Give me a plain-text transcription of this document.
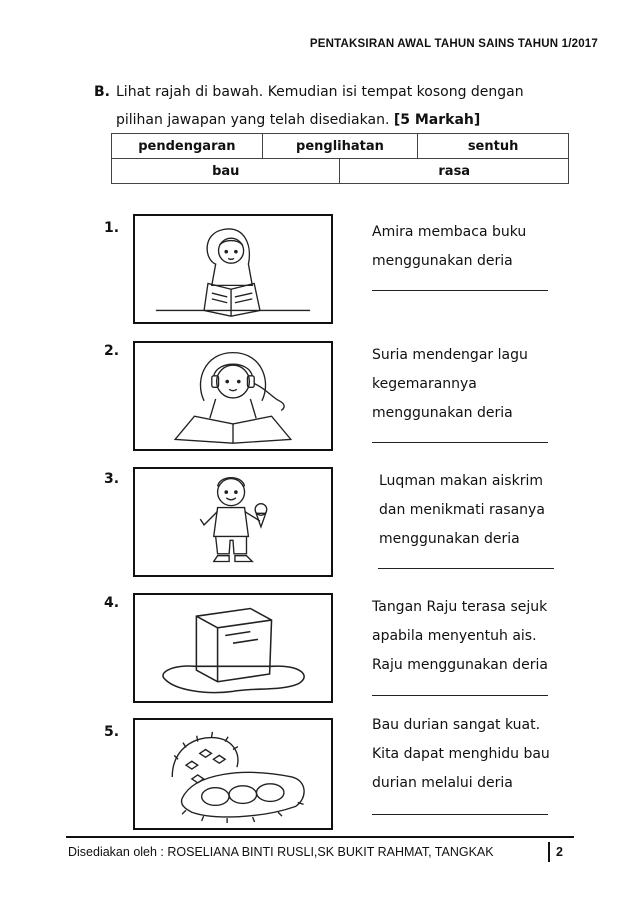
PENTAKSIRAN AWAL TAHUN SAINS TAHUN 1/2017
B. Lihat rajah di bawah. Kemudian isi tempat kosong dengan pilihan jawapan yang telah disediakan. [5 Markah]
pendengaran	penglihatan		sentuh
bau		rasa	
1.	Amira membaca buku
menggunakan deria
2.	Suria mendengar lagu
kegemarannya
menggunakan deria
3.	Luqman makan aiskrim
dan menikmati rasanya
menggunakan deria
4.	Tangan Raju terasa sejuk
apabila menyentuh ais.
Raju menggunakan deria
5.	Bau durian sangat kuat.
Kita dapat menghidu bau
durian melalui deria
Disediakan oleh : ROSELIANA BINTI RUSLI,SK BUKIT RAHMAT, TANGKAK	2
